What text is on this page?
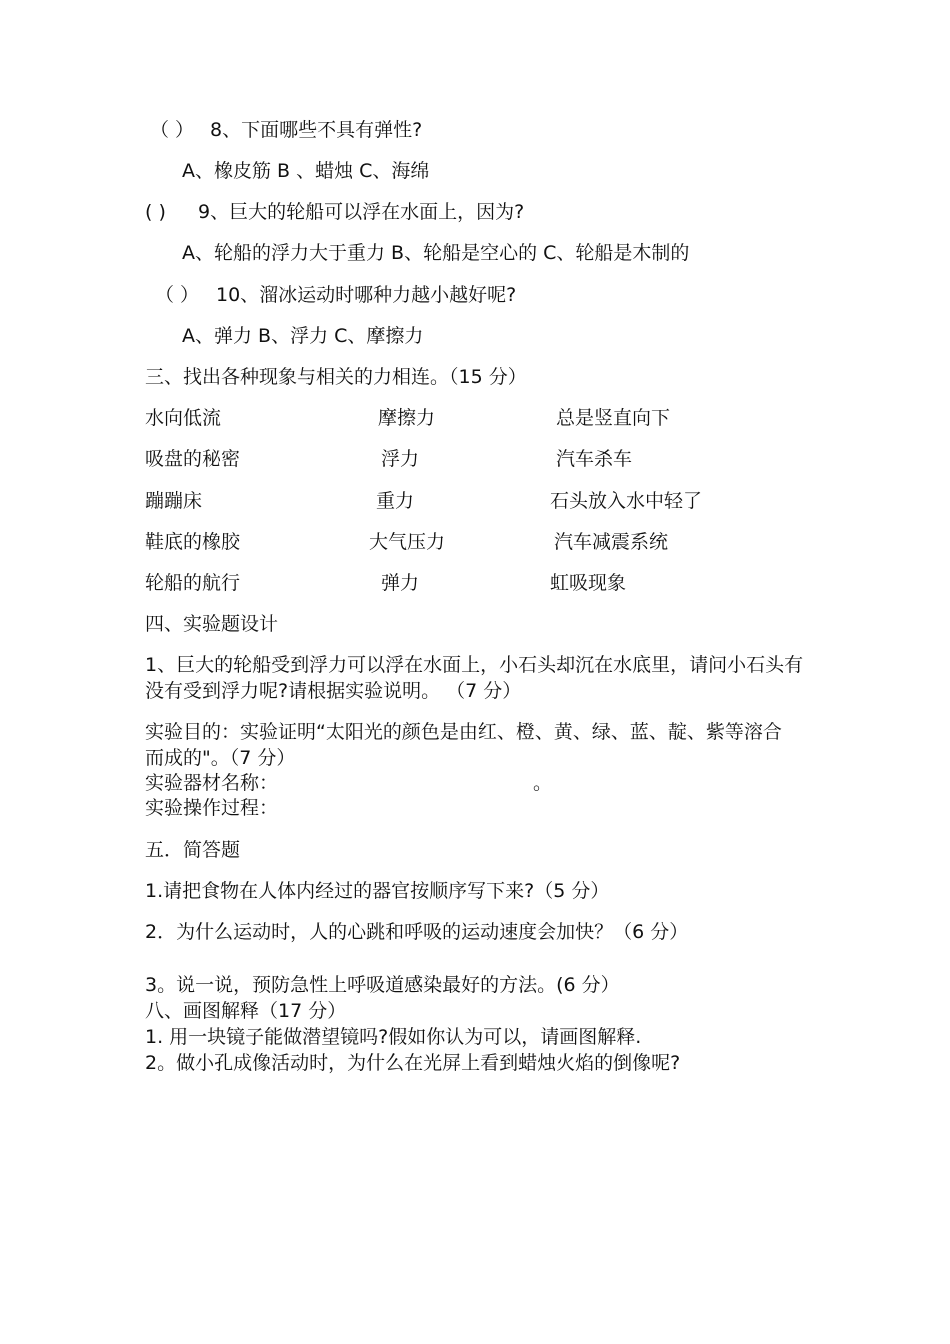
（ ） 8、下面哪些不具有弹性?
A、橡皮筋 B 、蜡烛 C、海绵
( ) 9、巨大的轮船可以浮在水面上，因为?
A、轮船的浮力大于重力 B、轮船是空心的 C、轮船是木制的
（ ） 10、溜冰运动时哪种力越小越好呢?
A、弹力 B、浮力 C、摩擦力
三、找出各种现象与相关的力相连。（15 分）
水向低流	摩擦力	总是竖直向下
吸盘的秘密	浮力	汽车杀车
蹦蹦床	重力	石头放入水中轻了
鞋底的橡胶	大气压力	汽车减震系统
轮船的航行	弹力	虹吸现象
四、实验题设计
1、巨大的轮船受到浮力可以浮在水面上，小石头却沉在水底里，请问小石头有
没有受到浮力呢?请根据实验说明。 （7 分）
实验目的：实验证明“太阳光的颜色是由红、橙、黄、绿、蓝、靛、紫等溶合
而成的"。（7 分）
实验器材名称：	。
实验操作过程：
五．简答题
1.请把食物在人体内经过的器官按顺序写下来?（5 分）
2．为什么运动时，人的心跳和呼吸的运动速度会加快？（6 分）
3。说一说，预防急性上呼吸道感染最好的方法。(6 分）
八、画图解释（17 分）
1. 用一块镜子能做潜望镜吗?假如你认为可以，请画图解释.
2。做小孔成像活动时，为什么在光屏上看到蜡烛火焰的倒像呢?
